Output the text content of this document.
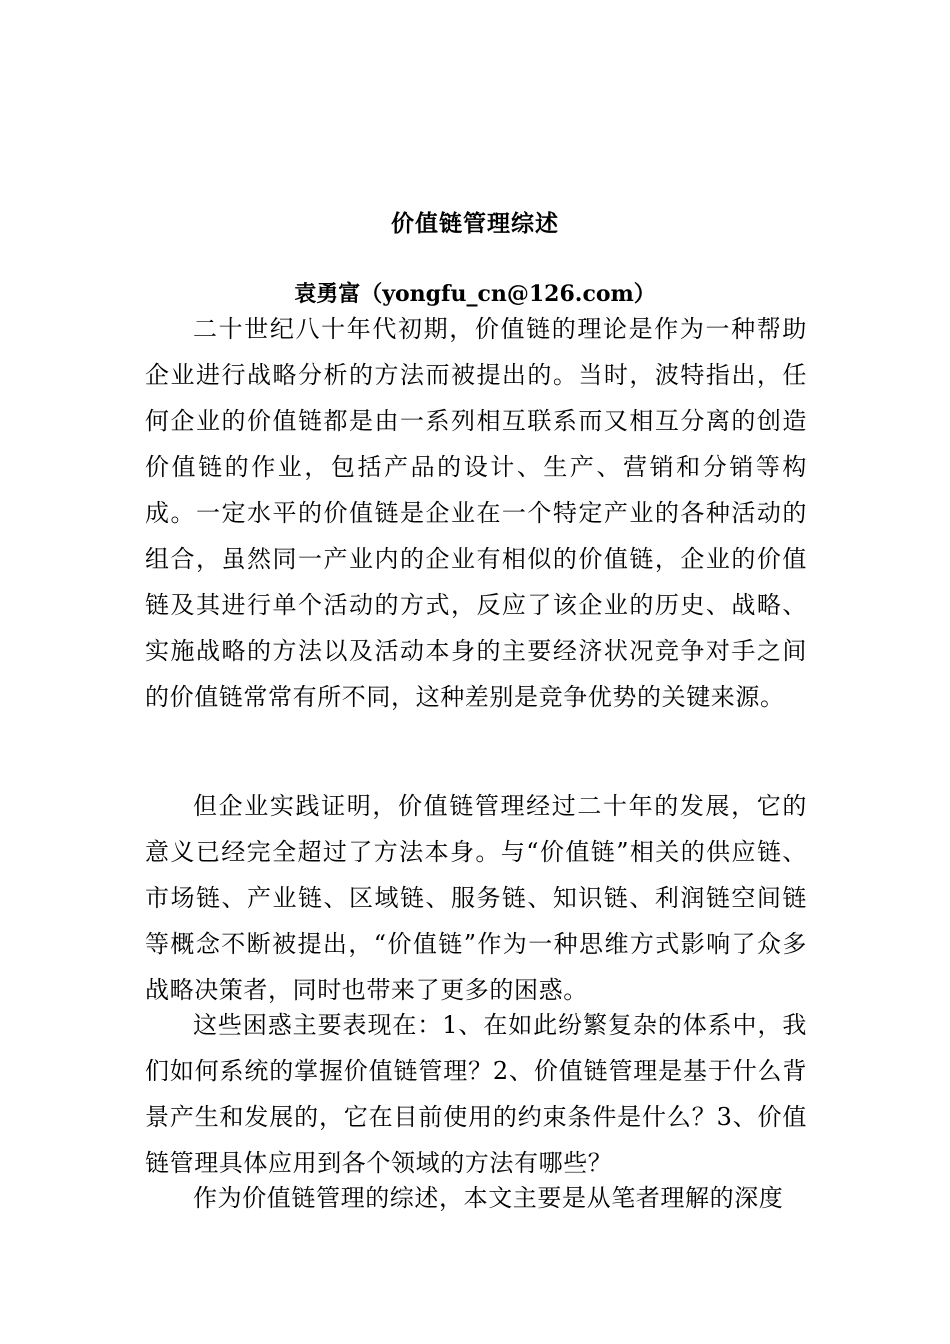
价值链管理综述
袁勇富（yongfu_cn@126.com）

二十世纪八十年代初期，价值链的理论是作为一种帮助企业进行战略分析的方法而被提出的。当时，波特指出，任何企业的价值链都是由一系列相互联系而又相互分离的创造价值链的作业，包括产品的设计、生产、营销和分销等构成。一定水平的价值链是企业在一个特定产业的各种活动的组合，虽然同一产业内的企业有相似的价值链，企业的价值链及其进行单个活动的方式，反应了该企业的历史、战略、实施战略的方法以及活动本身的主要经济状况竞争对手之间的价值链常常有所不同，这种差别是竞争优势的关键来源。

但企业实践证明，价值链管理经过二十年的发展，它的意义已经完全超过了方法本身。与“价值链”相关的供应链、市场链、产业链、区域链、服务链、知识链、利润链空间链等概念不断被提出，“价值链”作为一种思维方式影响了众多战略决策者，同时也带来了更多的困惑。

这些困惑主要表现在：1、在如此纷繁复杂的体系中，我们如何系统的掌握价值链管理？2、价值链管理是基于什么背景产生和发展的，它在目前使用的约束条件是什么？3、价值链管理具体应用到各个领域的方法有哪些？

作为价值链管理的综述，本文主要是从笔者理解的深度
